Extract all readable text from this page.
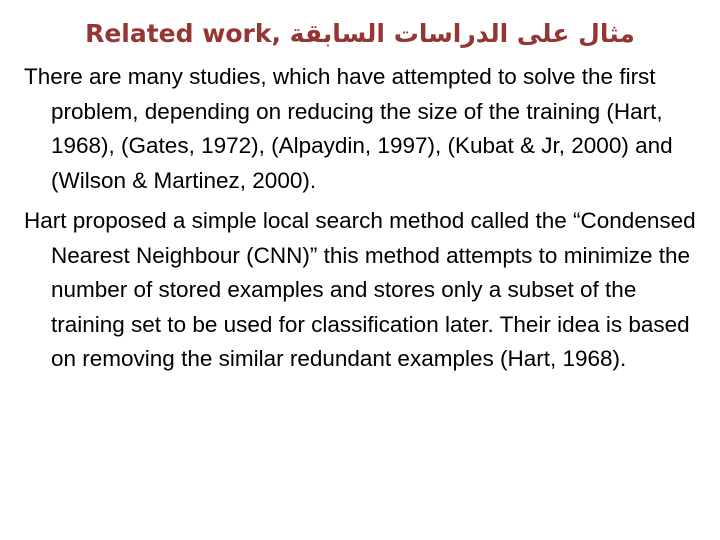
Related work, مثال على الدراسات السابقة

There are many studies, which have attempted to solve the first problem, depending on reducing the size of the training (Hart, 1968), (Gates, 1972), (Alpaydin, 1997), (Kubat & Jr, 2000) and (Wilson & Martinez, 2000).

Hart proposed a simple local search method called the “Condensed Nearest Neighbour (CNN)” this method attempts to minimize the number of stored examples and stores only a subset of the training set to be used for classification later. Their idea is based on removing the similar redundant examples (Hart, 1968).
